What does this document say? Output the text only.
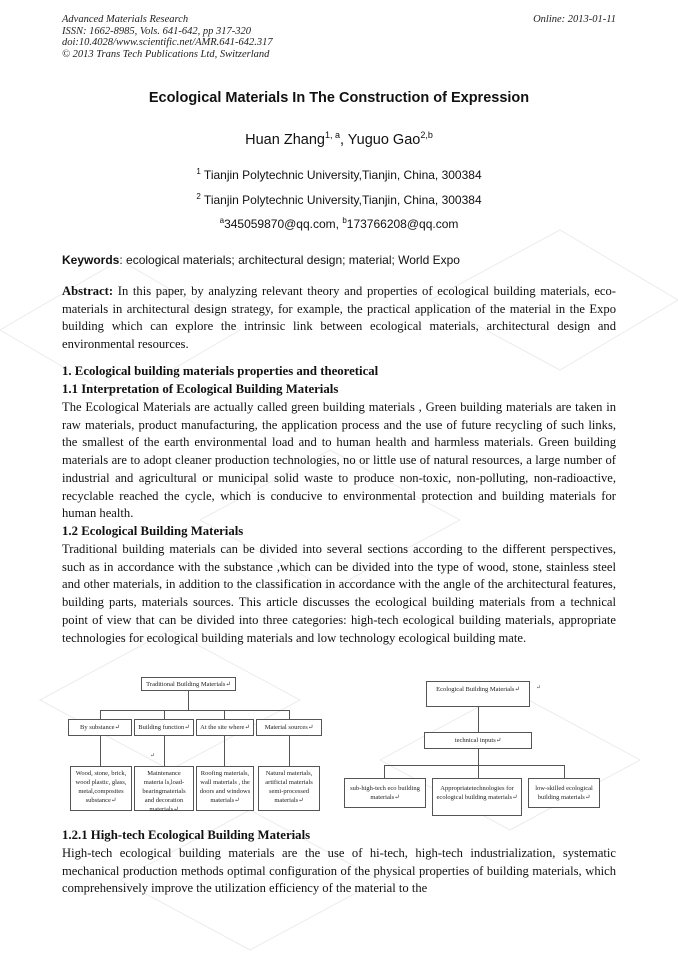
Advanced Materials Research
ISSN: 1662-8985, Vols. 641-642, pp 317-320
doi:10.4028/www.scientific.net/AMR.641-642.317
© 2013 Trans Tech Publications Ltd, Switzerland
Online: 2013-01-11
Ecological Materials In The Construction of Expression
Huan Zhang$^{1, a}$, Yuguo Gao$^{2,b}$
$^1$ Tianjin Polytechnic University,Tianjin, China, 300384
$^2$ Tianjin Polytechnic University,Tianjin, China, 300384
$^a$345059870@qq.com, $^b$173766208@qq.com
Keywords: ecological materials; architectural design; material; World Expo
Abstract: In this paper, by analyzing relevant theory and properties of ecological building materials, eco-materials in architectural design strategy, for example, the practical application of the material in the Expo building which can explore the intrinsic link between ecological materials, architectural design and environmental resources.
1. Ecological building materials properties and theoretical
1.1 Interpretation of Ecological Building Materials
The Ecological Materials are actually called green building materials , Green building materials are taken in raw materials, product manufacturing, the application process and the use of future recycling of such links, the smallest of the earth environmental load and to human health and harmless materials. Green building materials are to adopt cleaner production technologies, no or little use of natural resources, a large number of industrial and agricultural or municipal solid waste to produce non-toxic, non-polluting, non-radioactive, recyclable reached the cycle, which is conducive to environmental protection and building materials for human health.
1.2 Ecological Building Materials
Traditional building materials can be divided into several sections according to the different perspectives, such as in accordance with the substance ,which can be divided into the type of wood, stone, stainless steel and other materials, in addition to the classification in accordance with the angle of the architectural features, building parts, materials sources. This article discusses the ecological building materials from a technical point of view that can be divided into three categories: high-tech ecological building materials, appropriate technologies for ecological building materials and low technology ecological building mate.
Traditional Building Materials↵
By substance↵	Building function↵	At the site where↵	Material sources↵
↵
Wood, stone, brick, wood plastic, glass, metal,composites substance↵
Maintenance materia ls,load-bearingmaterials and decoration materials↵
Roofing materials, wall materials , the doors and windows materials↵
Natural materials, artificial materials semi-processed materials↵
Ecological Building Materials↵	↵
technical inputs↵
sub-high-tech eco building materials↵
Appropriatetechnologies for ecological building materials↵
low-skilled ecological building materials↵
1.2.1 High-tech Ecological Building Materials
High-tech ecological building materials are the use of hi-tech, high-tech industrialization, systematic mechanical production methods optimal configuration of the physical properties of building materials, which comprehensively improve the utilization efficiency of the material to the
